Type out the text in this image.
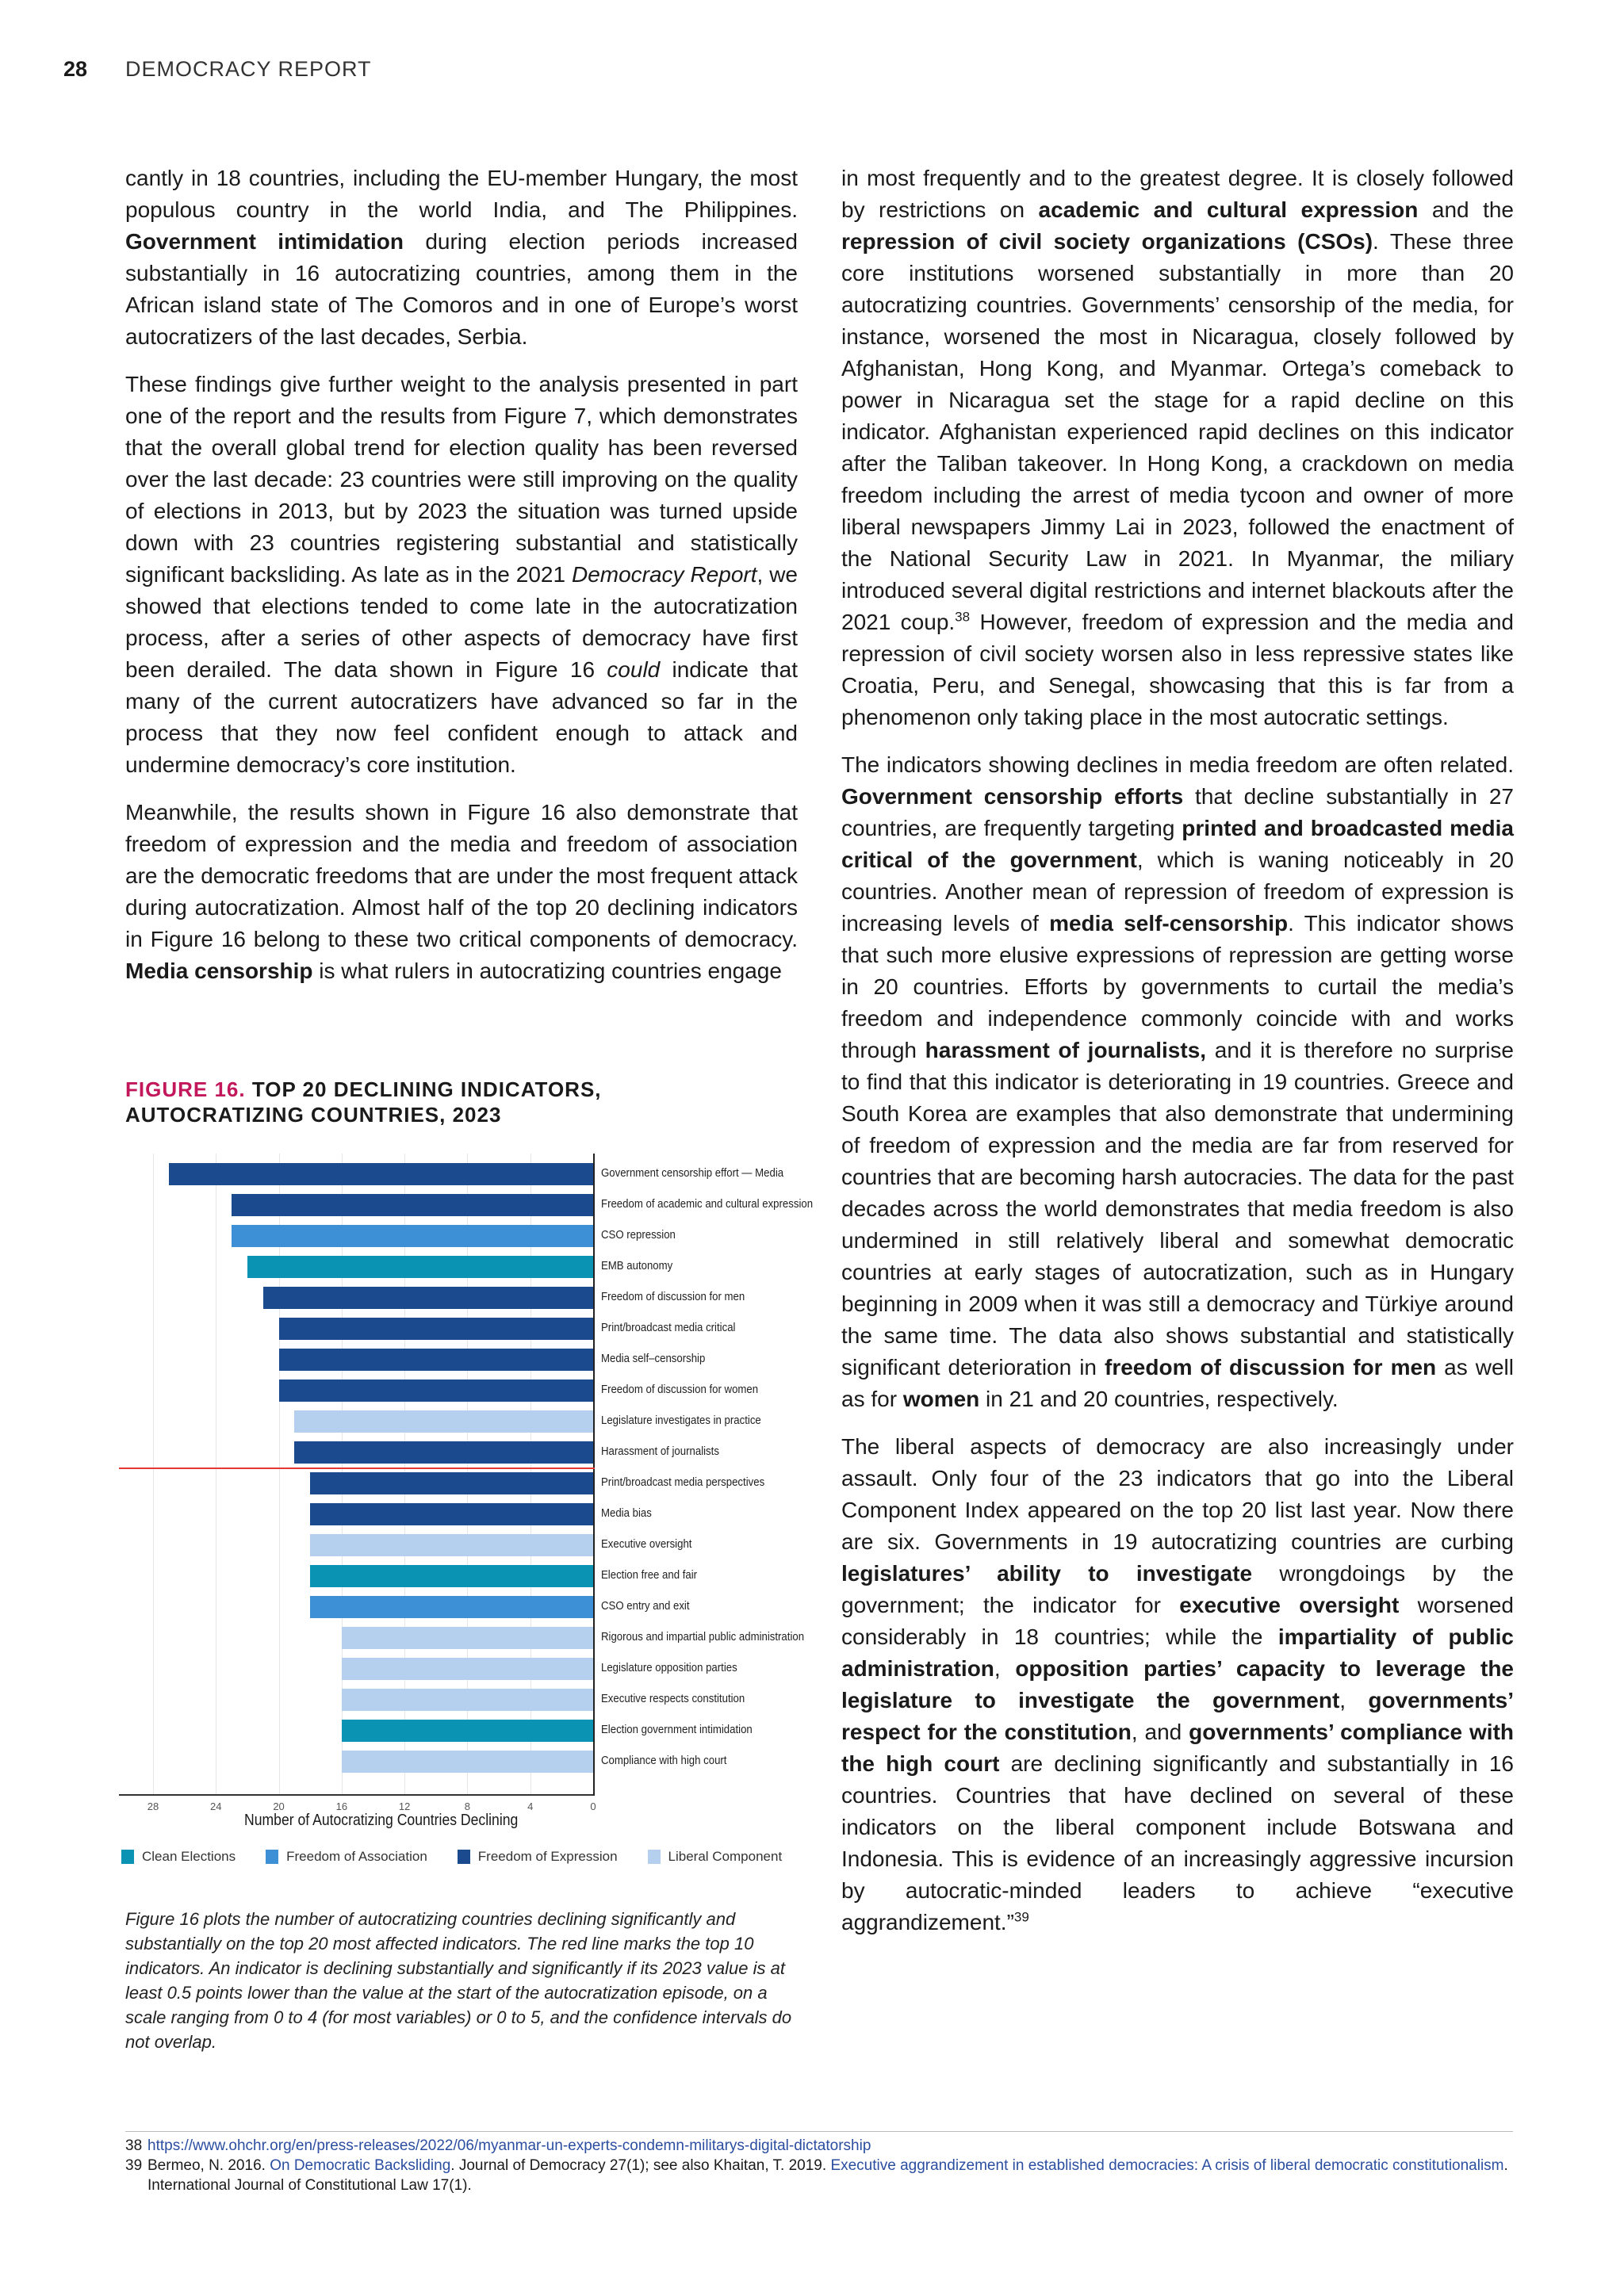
28 DEMOCRACY REPORT

cantly in 18 countries, including the EU-member Hungary, the most populous country in the world India, and The Philippines. Government intimidation during election periods increased substantially in 16 autocratizing countries, among them in the African island state of The Comoros and in one of Europe’s worst autocratizers of the last decades, Serbia.

These findings give further weight to the analysis presented in part one of the report and the results from Figure 7, which demonstrates that the overall global trend for election quality has been reversed over the last decade: 23 countries were still improving on the quality of elections in 2013, but by 2023 the situation was turned upside down with 23 countries registering substantial and statistically significant backsliding. As late as in the 2021 Democracy Report, we showed that elections tended to come late in the autocratization process, after a series of other aspects of democracy have first been derailed. The data shown in Figure 16 could indicate that many of the current autocratizers have advanced so far in the process that they now feel confident enough to attack and undermine democracy’s core institution.

Meanwhile, the results shown in Figure 16 also demonstrate that freedom of expression and the media and freedom of association are the democratic freedoms that are under the most frequent attack during autocratization. Almost half of the top 20 declining indicators in Figure 16 belong to these two critical components of democracy. Media censorship is what rulers in autocratizing countries engage

in most frequently and to the greatest degree. It is closely followed by restrictions on academic and cultural expression and the repression of civil society organizations (CSOs). These three core institutions worsened substantially in more than 20 autocratizing countries. Governments’ censorship of the media, for instance, worsened the most in Nicaragua, closely followed by Afghanistan, Hong Kong, and Myanmar. Ortega’s comeback to power in Nicaragua set the stage for a rapid decline on this indicator. Afghanistan experienced rapid declines on this indicator after the Taliban takeover. In Hong Kong, a crackdown on media freedom including the arrest of media tycoon and owner of more liberal newspapers Jimmy Lai in 2023, followed the enactment of the National Security Law in 2021. In Myanmar, the miliary introduced several digital restrictions and internet blackouts after the 2021 coup.$^{38}$ However, freedom of expression and the media and repression of civil society worsen also in less repressive states like Croatia, Peru, and Senegal, showcasing that this is far from a phenomenon only taking place in the most autocratic settings.

The indicators showing declines in media freedom are often related. Government censorship efforts that decline substantially in 27 countries, are frequently targeting printed and broadcasted media critical of the government, which is waning noticeably in 20 countries. Another mean of repression of freedom of expression is increasing levels of media self-censorship. This indicator shows that such more elusive expressions of repression are getting worse in 20 countries. Efforts by governments to curtail the media’s freedom and independence commonly coincide with and works through harassment of journalists, and it is therefore no surprise to find that this indicator is deteriorating in 19 countries. Greece and South Korea are examples that also demonstrate that undermining of freedom of expression and the media are far from reserved for countries that are becoming harsh autocracies. The data for the past decades across the world demonstrates that media freedom is also undermined in still relatively liberal and somewhat democratic countries at early stages of autocratization, such as in Hungary beginning in 2009 when it was still a democracy and Türkiye around the same time. The data also shows substantial and statistically significant deterioration in freedom of discussion for men as well as for women in 21 and 20 countries, respectively.

The liberal aspects of democracy are also increasingly under assault. Only four of the 23 indicators that go into the Liberal Component Index appeared on the top 20 list last year. Now there are six. Governments in 19 autocratizing countries are curbing legislatures’ ability to investigate wrongdoings by the government; the indicator for executive oversight worsened considerably in 18 countries; while the impartiality of public administration, opposition parties’ capacity to leverage the legislature to investigate the government, governments’ respect for the constitution, and governments’ compliance with the high court are declining significantly and substantially in 16 countries. Countries that have declined on several of these indicators on the liberal component include Botswana and Indonesia. This is evidence of an increasingly aggressive incursion by autocratic-minded leaders to achieve “executive aggrandizement.”$^{39}$

FIGURE 16. TOP 20 DECLINING INDICATORS,
AUTOCRATIZING COUNTRIES, 2023
Number of Autocratizing Countries Declining
Clean Elections	Freedom of Association	Freedom of Expression	Liberal Component
28	24	20	16	12	8	4	0
Government censorship effort — Media
Freedom of academic and cultural expression
CSO repression
EMB autonomy
Freedom of discussion for men
Print/broadcast media critical
Media self–censorship
Freedom of discussion for women
Legislature investigates in practice
Harassment of journalists
Print/broadcast media perspectives
Media bias
Executive oversight
Election free and fair
CSO entry and exit
Rigorous and impartial public administration
Legislature opposition parties
Executive respects constitution
Election government intimidation
Compliance with high court
Figure 16 plots the number of autocratizing countries declining significantly and substantially on the top 20 most affected indicators. The red line marks the top 10 indicators. An indicator is declining substantially and significantly if its 2023 value is at least 0.5 points lower than the value at the start of the autocratization episode, on a scale ranging from 0 to 4 (for most variables) or 0 to 5, and the confidence intervals do not overlap.
38 https://www.ohchr.org/en/press-releases/2022/06/myanmar-un-experts-condemn-militarys-digital-dictatorship
39 Bermeo, N. 2016. On Democratic Backsliding. Journal of Democracy 27(1); see also Khaitan, T. 2019. Executive aggrandizement in established democracies: A crisis of liberal democratic constitutionalism. International Journal of Constitutional Law 17(1).
